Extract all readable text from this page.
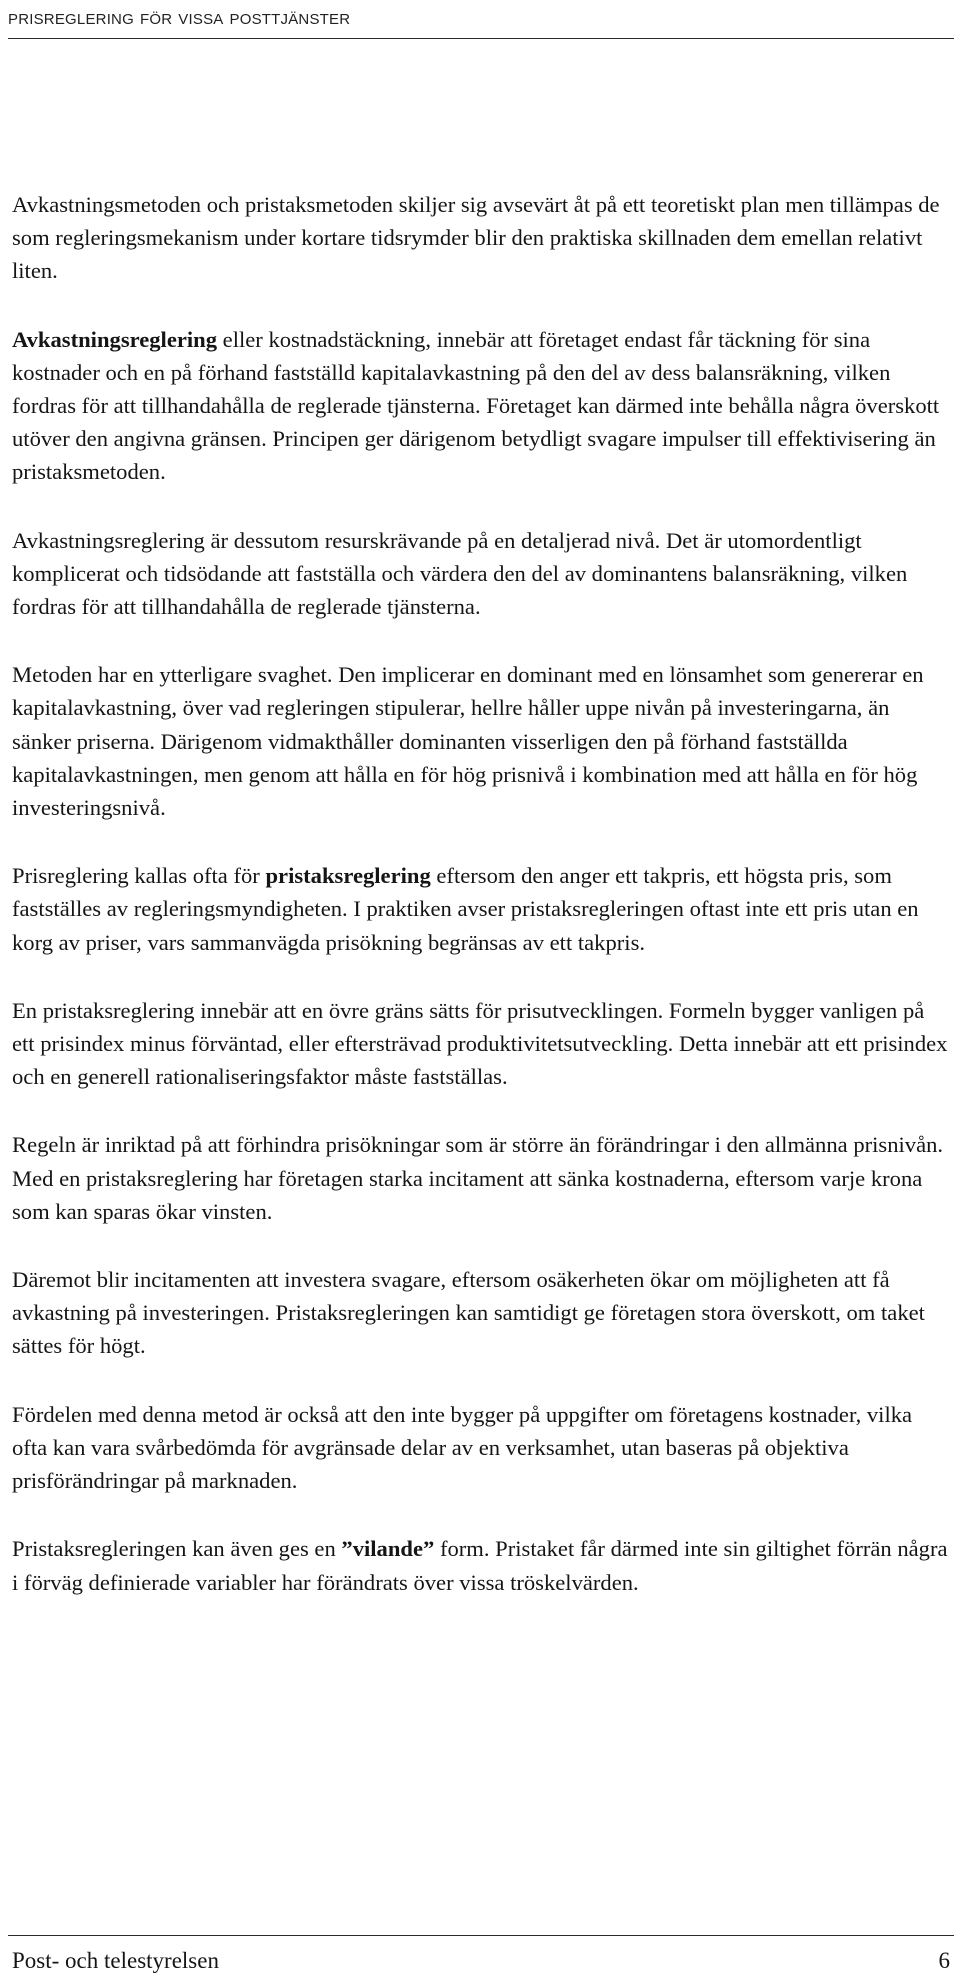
prisreglering för vissa posttjänster

Avkastningsmetoden och pristaksmetoden skiljer sig avsevärt åt på ett teoretiskt plan men tillämpas de som regleringsmekanism under kortare tidsrymder blir den praktiska skillnaden dem emellan relativt liten.

Avkastningsreglering eller kostnadstäckning, innebär att företaget endast får täckning för sina kostnader och en på förhand fastställd kapitalavkastning på den del av dess balansräkning, vilken fordras för att tillhandahålla de reglerade tjänsterna. Företaget kan därmed inte behålla några överskott utöver den angivna gränsen. Principen ger därigenom betydligt svagare impulser till effektivisering än pristaksmetoden.

Avkastningsreglering är dessutom resurskrävande på en detaljerad nivå. Det är utomordentligt komplicerat och tidsödande att fastställa och värdera den del av dominantens balansräkning, vilken fordras för att tillhandahålla de reglerade tjänsterna.

Metoden har en ytterligare svaghet. Den implicerar en dominant med en lönsamhet som genererar en kapitalavkastning, över vad regleringen stipulerar, hellre håller uppe nivån på investeringarna, än sänker priserna. Därigenom vidmakthåller dominanten visserligen den på förhand fastställda kapitalavkastningen, men genom att hålla en för hög prisnivå i kombination med att hålla en för hög investeringsnivå.

Prisreglering kallas ofta för pristaksreglering eftersom den anger ett takpris, ett högsta pris, som fastställes av regleringsmyndigheten. I praktiken avser pristaksregleringen oftast inte ett pris utan en korg av priser, vars sammanvägda prisökning begränsas av ett takpris.

En pristaksreglering innebär att en övre gräns sätts för prisutvecklingen. Formeln bygger vanligen på ett prisindex minus förväntad, eller eftersträvad produktivitetsutveckling. Detta innebär att ett prisindex och en generell rationaliseringsfaktor måste fastställas.

Regeln är inriktad på att förhindra prisökningar som är större än förändringar i den allmänna prisnivån. Med en pristaksreglering har företagen starka incitament att sänka kostnaderna, eftersom varje krona som kan sparas ökar vinsten.

Däremot blir incitamenten att investera svagare, eftersom osäkerheten ökar om möjligheten att få avkastning på investeringen. Pristaksregleringen kan samtidigt ge företagen stora överskott, om taket sättes för högt.

Fördelen med denna metod är också att den inte bygger på uppgifter om företagens kostnader, vilka ofta kan vara svårbedömda för avgränsade delar av en verksamhet, utan baseras på objektiva prisförändringar på marknaden.

Pristaksregleringen kan även ges en ”vilande” form. Pristaket får därmed inte sin giltighet förrän några i förväg definierade variabler har förändrats över vissa tröskelvärden.

Post- och telestyrelsen	6
